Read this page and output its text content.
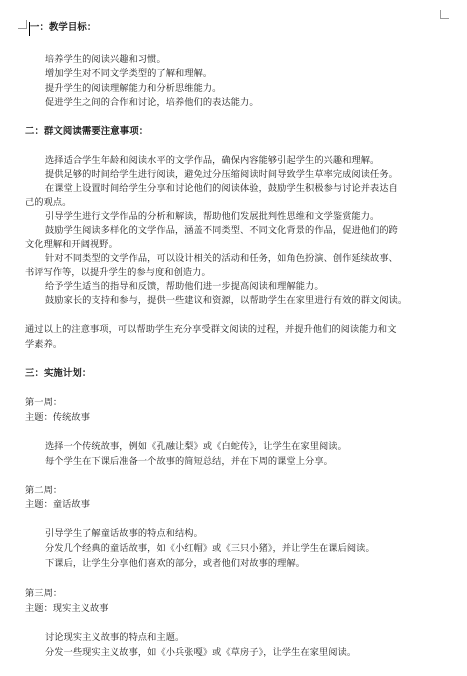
一：教学目标：
培养学生的阅读兴趣和习惯。
增加学生对不同文学类型的了解和理解。
提升学生的阅读理解能力和分析思维能力。
促进学生之间的合作和讨论，培养他们的表达能力。
二：群文阅读需要注意事项：
选择适合学生年龄和阅读水平的文学作品，确保内容能够引起学生的兴趣和理解。
提供足够的时间给学生进行阅读，避免过分压缩阅读时间导致学生草率完成阅读任务。
在课堂上设置时间给学生分享和讨论他们的阅读体验，鼓励学生积极参与讨论并表达自
己的观点。
引导学生进行文学作品的分析和解读，帮助他们发展批判性思维和文学鉴赏能力。
鼓励学生阅读多样化的文学作品，涵盖不同类型、不同文化背景的作品，促进他们的跨
文化理解和开阔视野。
针对不同类型的文学作品，可以设计相关的活动和任务，如角色扮演、创作延续故事、
书评写作等，以提升学生的参与度和创造力。
给予学生适当的指导和反馈，帮助他们进一步提高阅读和理解能力。
鼓励家长的支持和参与，提供一些建议和资源，以帮助学生在家里进行有效的群文阅读。
通过以上的注意事项，可以帮助学生充分享受群文阅读的过程，并提升他们的阅读能力和文
学素养。
三：实施计划：
第一周：
主题：传统故事
选择一个传统故事，例如《孔融让梨》或《白蛇传》，让学生在家里阅读。
每个学生在下课后准备一个故事的简短总结，并在下周的课堂上分享。
第二周：
主题：童话故事
引导学生了解童话故事的特点和结构。
分发几个经典的童话故事，如《小红帽》或《三只小猪》，并让学生在课后阅读。
下课后，让学生分享他们喜欢的部分，或者他们对故事的理解。
第三周：
主题：现实主义故事
讨论现实主义故事的特点和主题。
分发一些现实主义故事，如《小兵张嘎》或《草房子》，让学生在家里阅读。
